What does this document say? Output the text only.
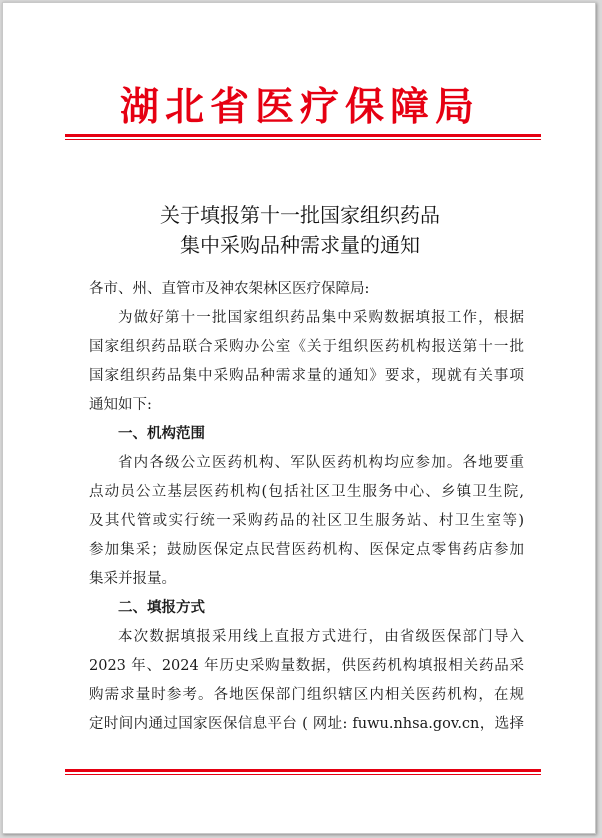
湖北省医疗保障局
关于填报第十一批国家组织药品
集中采购品种需求量的通知
各市、州、直管市及神农架林区医疗保障局:
为做好第十一批国家组织药品集中采购数据填报工作，根据
国家组织药品联合采购办公室《关于组织医药机构报送第十一批
国家组织药品集中采购品种需求量的通知》要求，现就有关事项
通知如下:
一、机构范围
省内各级公立医药机构、军队医药机构均应参加。各地要重
点动员公立基层医药机构(包括社区卫生服务中心、乡镇卫生院,
及其代管或实行统一采购药品的社区卫生服务站、村卫生室等)
参加集采；鼓励医保定点民营医药机构、医保定点零售药店参加
集采并报量。
二、填报方式
本次数据填报采用线上直报方式进行，由省级医保部门导入
2023 年、2024 年历史采购量数据，供医药机构填报相关药品采
购需求量时参考。各地医保部门组织辖区内相关医药机构，在规
定时间内通过国家医保信息平台 ( 网址: fuwu.nhsa.gov.cn，选择
